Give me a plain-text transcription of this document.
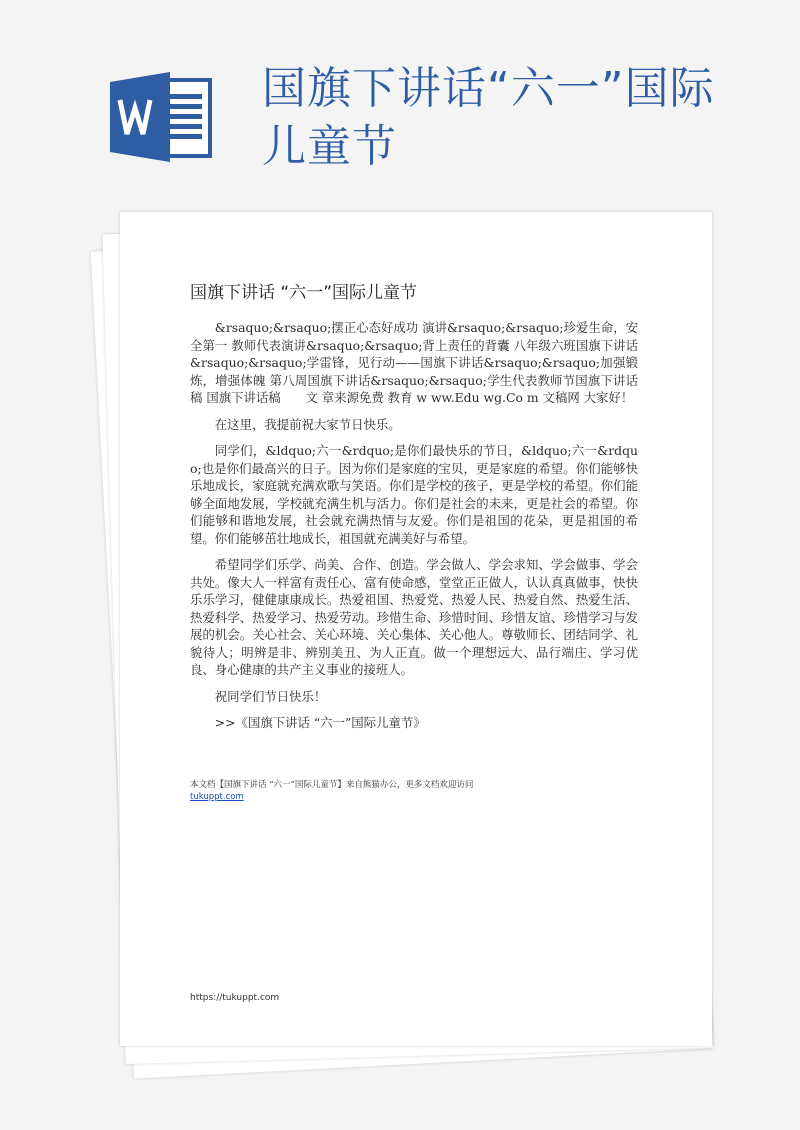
国旗下讲话“六一”国际儿童节
国旗下讲话 “六一”国际儿童节

&rsaquo;&rsaquo;摆正心态好成功 演讲&rsaquo;&rsaquo;珍爱生命，安全第一 教师代表演讲&rsaquo;&rsaquo;背上责任的背囊 八年级六班国旗下讲话&rsaquo;&rsaquo;学雷锋，见行动——国旗下讲话&rsaquo;&rsaquo;加强锻炼，增强体魄 第八周国旗下讲话&rsaquo;&rsaquo;学生代表教师节国旗下讲话稿 国旗下讲话稿　　文 章来源免费 教育 w ww.Edu wg.Co m 文稿网 大家好！

在这里，我提前祝大家节日快乐。

同学们，&ldquo;六一&rdquo;是你们最快乐的节日，&ldquo;六一&rdquo;也是你们最高兴的日子。因为你们是家庭的宝贝，更是家庭的希望。你们能够快乐地成长，家庭就充满欢歌与笑语。你们是学校的孩子，更是学校的希望。你们能够全面地发展，学校就充满生机与活力。你们是社会的未来，更是社会的希望。你们能够和谐地发展，社会就充满热情与友爱。你们是祖国的花朵，更是祖国的希望。你们能够茁壮地成长，祖国就充满美好与希望。

希望同学们乐学、尚美、合作、创造。学会做人、学会求知、学会做事、学会共处。像大人一样富有责任心、富有使命感，堂堂正正做人，认认真真做事，快快乐乐学习，健健康康成长。热爱祖国、热爱党、热爱人民、热爱自然、热爱生活、热爱科学、热爱学习、热爱劳动。珍惜生命、珍惜时间、珍惜友谊、珍惜学习与发展的机会。关心社会、关心环境、关心集体、关心他人。尊敬师长、团结同学、礼貌待人；明辨是非、辨别美丑、为人正直。做一个理想远大、品行端庄、学习优良、身心健康的共产主义事业的接班人。

祝同学们节日快乐！

>>《国旗下讲话 “六一”国际儿童节》

本文档【国旗下讲话 “六一”国际儿童节】来自熊猫办公，更多文档欢迎访问
tukuppt.com
https://tukuppt.com
